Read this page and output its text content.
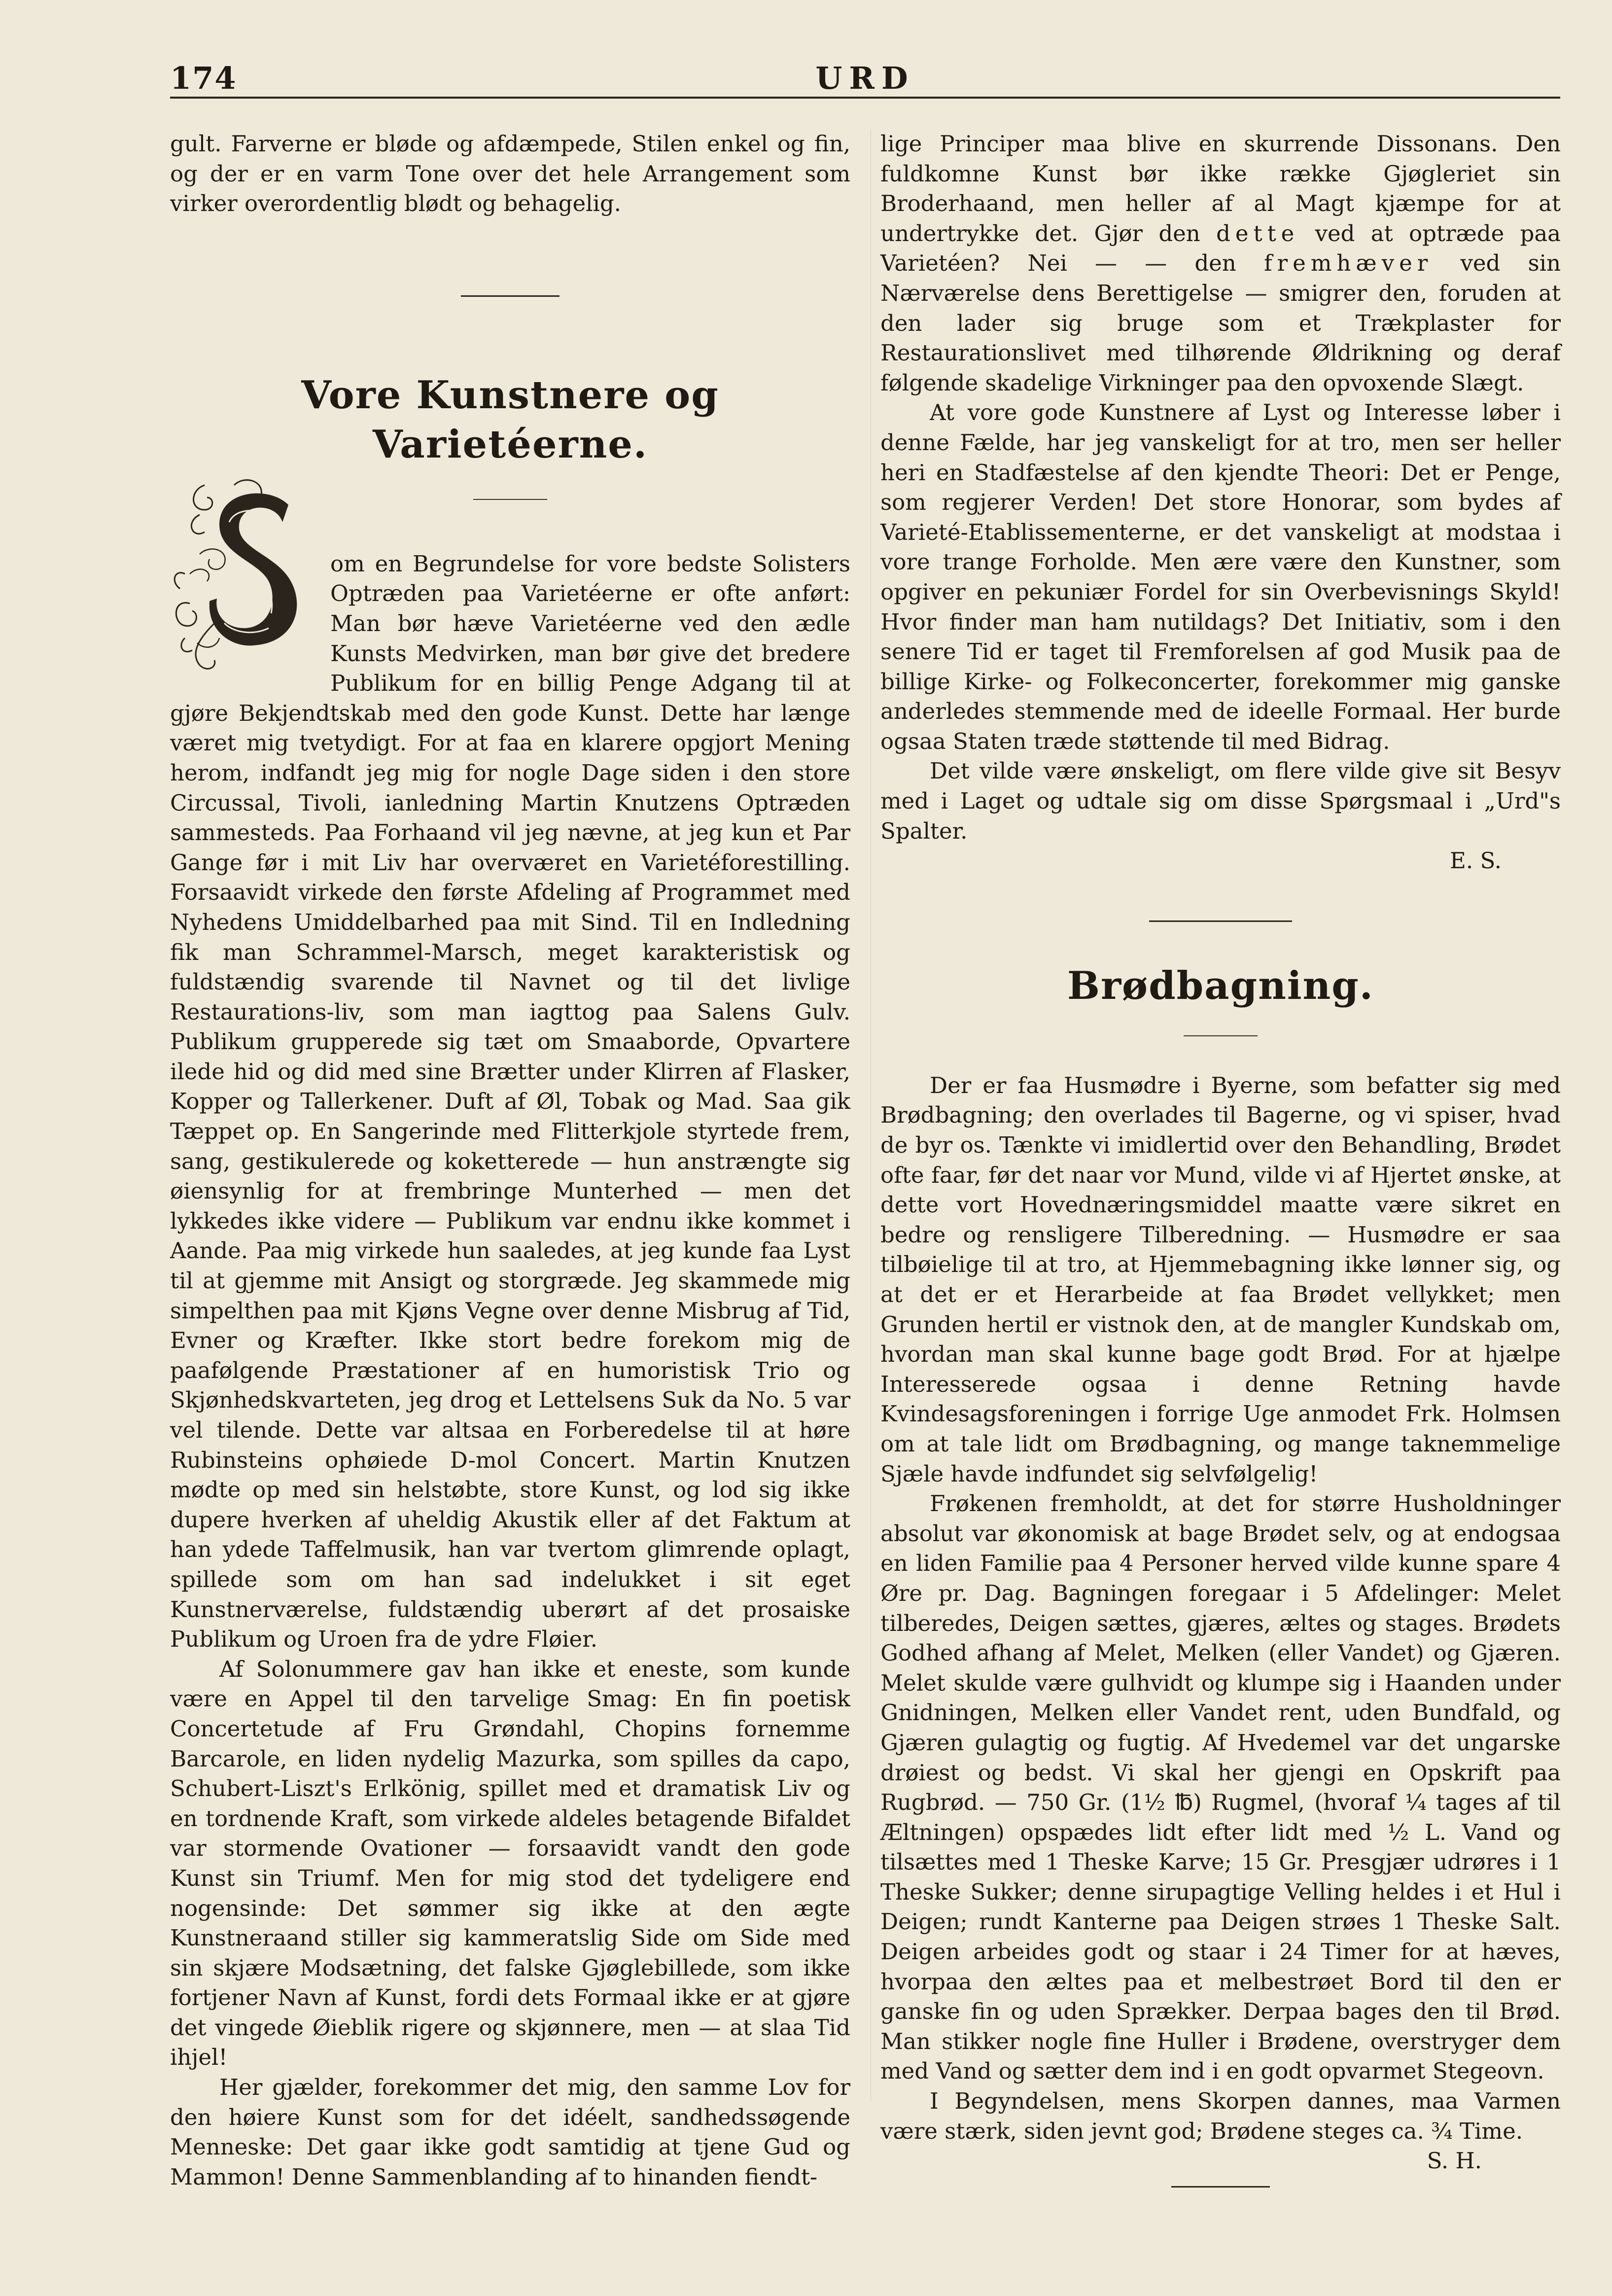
174	URD

gult. Farverne er bløde og afdæmpede, Stilen enkel og fin, og der er en varm Tone over det hele Arrangement som virker overordentlig blødt og behagelig.

Vore Kunstnere og Varietéerne.

om en Begrundelse for vore bedste Solisters Optræden paa Varietéerne er ofte anført: Man bør hæve Varietéerne ved den ædle Kunsts Medvirken, man bør give det bredere Publikum for en billig Penge Adgang til at gjøre Bekjendtskab med den gode Kunst. Dette har længe været mig tvetydigt. For at faa en klarere opgjort Mening herom, indfandt jeg mig for nogle Dage siden i den store Circussal, Tivoli, ianledning Martin Knutzens Optræden sammesteds. Paa Forhaand vil jeg nævne, at jeg kun et Par Gange før i mit Liv har overværet en Varietéforestilling. Forsaavidt virkede den første Afdeling af Programmet med Nyhedens Umiddelbarhed paa mit Sind. Til en Indledning fik man Schrammel-Marsch, meget karakteristisk og fuldstændig svarende til Navnet og til det livlige Restaurations-liv, som man iagttog paa Salens Gulv. Publikum grupperede sig tæt om Smaaborde, Opvartere ilede hid og did med sine Brætter under Klirren af Flasker, Kopper og Tallerkener. Duft af Øl, Tobak og Mad. Saa gik Tæppet op. En Sangerinde med Flitterkjole styrtede frem, sang, gestikulerede og koketterede — hun anstrængte sig øiensynlig for at frembringe Munterhed — men det lykkedes ikke videre — Publikum var endnu ikke kommet i Aande. Paa mig virkede hun saaledes, at jeg kunde faa Lyst til at gjemme mit Ansigt og storgræde. Jeg skammede mig simpelthen paa mit Kjøns Vegne over denne Misbrug af Tid, Evner og Kræfter. Ikke stort bedre forekom mig de paafølgende Præstationer af en humoristisk Trio og Skjønhedskvarteten, jeg drog et Lettelsens Suk da No. 5 var vel tilende. Dette var altsaa en Forberedelse til at høre Rubinsteins ophøiede D-mol Concert. Martin Knutzen mødte op med sin helstøbte, store Kunst, og lod sig ikke dupere hverken af uheldig Akustik eller af det Faktum at han ydede Taffelmusik, han var tvertom glimrende oplagt, spillede som om han sad indelukket i sit eget Kunstnerværelse, fuldstændig uberørt af det prosaiske Publikum og Uroen fra de ydre Fløier.

Af Solonummere gav han ikke et eneste, som kunde være en Appel til den tarvelige Smag: En fin poetisk Concertetude af Fru Grøndahl, Chopins fornemme Barcarole, en liden nydelig Mazurka, som spilles da capo, Schubert-Liszt's Erlkönig, spillet med et dramatisk Liv og en tordnende Kraft, som virkede aldeles betagende Bifaldet var stormende Ovationer — forsaavidt vandt den gode Kunst sin Triumf. Men for mig stod det tydeligere end nogensinde: Det sømmer sig ikke at den ægte Kunstneraand stiller sig kammeratslig Side om Side med sin skjære Modsætning, det falske Gjøglebillede, som ikke fortjener Navn af Kunst, fordi dets Formaal ikke er at gjøre det vingede Øieblik rigere og skjønnere, men — at slaa Tid ihjel!

Her gjælder, forekommer det mig, den samme Lov for den høiere Kunst som for det idéelt, sandhedssøgende Menneske: Det gaar ikke godt samtidig at tjene Gud og Mammon! Denne Sammenblanding af to hinanden fiendt-

lige Principer maa blive en skurrende Dissonans. Den fuldkomne Kunst bør ikke række Gjøgleriet sin Broderhaand, men heller af al Magt kjæmpe for at undertrykke det. Gjør den dette ved at optræde paa Varietéen? Nei — — den fremhæver ved sin Nærværelse dens Berettigelse — smigrer den, foruden at den lader sig bruge som et Trækplaster for Restaurationslivet med tilhørende Øldrikning og deraf følgende skadelige Virkninger paa den opvoxende Slægt.

At vore gode Kunstnere af Lyst og Interesse løber i denne Fælde, har jeg vanskeligt for at tro, men ser heller heri en Stadfæstelse af den kjendte Theori: Det er Penge, som regjerer Verden! Det store Honorar, som bydes af Varieté-Etablissementerne, er det vanskeligt at modstaa i vore trange Forholde. Men ære være den Kunstner, som opgiver en pekuniær Fordel for sin Overbevisnings Skyld! Hvor finder man ham nutildags? Det Initiativ, som i den senere Tid er taget til Fremforelsen af god Musik paa de billige Kirke- og Folkeconcerter, forekommer mig ganske anderledes stemmende med de ideelle Formaal. Her burde ogsaa Staten træde støttende til med Bidrag.

Det vilde være ønskeligt, om flere vilde give sit Besyv med i Laget og udtale sig om disse Spørgsmaal i „Urd"s Spalter.

E. S.
Brødbagning.

Der er faa Husmødre i Byerne, som befatter sig med Brødbagning; den overlades til Bagerne, og vi spiser, hvad de byr os. Tænkte vi imidlertid over den Behandling, Brødet ofte faar, før det naar vor Mund, vilde vi af Hjertet ønske, at dette vort Hovednæringsmiddel maatte være sikret en bedre og rensligere Tilberedning. — Husmødre er saa tilbøielige til at tro, at Hjemmebagning ikke lønner sig, og at det er et Herarbeide at faa Brødet vellykket; men Grunden hertil er vistnok den, at de mangler Kundskab om, hvordan man skal kunne bage godt Brød. For at hjælpe Interesserede ogsaa i denne Retning havde Kvindesagsforeningen i forrige Uge anmodet Frk. Holmsen om at tale lidt om Brødbagning, og mange taknemmelige Sjæle havde indfundet sig selvfølgelig!

Frøkenen fremholdt, at det for større Husholdninger absolut var økonomisk at bage Brødet selv, og at endogsaa en liden Familie paa 4 Personer herved vilde kunne spare 4 Øre pr. Dag. Bagningen foregaar i 5 Afdelinger: Melet tilberedes, Deigen sættes, gjæres, æltes og stages. Brødets Godhed afhang af Melet, Melken (eller Vandet) og Gjæren. Melet skulde være gulhvidt og klumpe sig i Haanden under Gnidningen, Melken eller Vandet rent, uden Bundfald, og Gjæren gulagtig og fugtig. Af Hvedemel var det ungarske drøiest og bedst. Vi skal her gjengi en Opskrift paa Rugbrød. — 750 Gr. (1½ ℔) Rugmel, (hvoraf ¼ tages af til Æltningen) opspædes lidt efter lidt med ½ L. Vand og tilsættes med 1 Theske Karve; 15 Gr. Presgjær udrøres i 1 Theske Sukker; denne sirupagtige Velling heldes i et Hul i Deigen; rundt Kanterne paa Deigen strøes 1 Theske Salt. Deigen arbeides godt og staar i 24 Timer for at hæves, hvorpaa den æltes paa et melbestrøet Bord til den er ganske fin og uden Sprækker. Derpaa bages den til Brød. Man stikker nogle fine Huller i Brødene, overstryger dem med Vand og sætter dem ind i en godt opvarmet Stegeovn.

I Begyndelsen, mens Skorpen dannes, maa Varmen være stærk, siden jevnt god; Brødene steges ca. ¾ Time.

S. H.
